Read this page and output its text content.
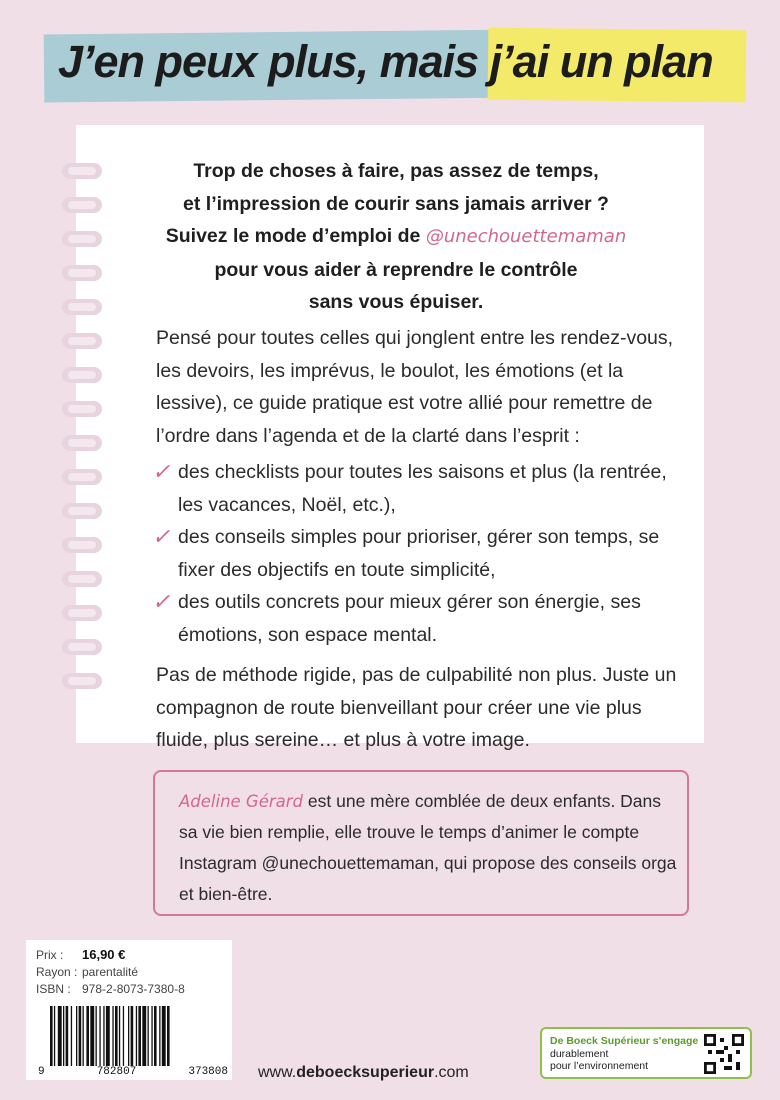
J’en peux plus, mais j’ai un plan
Trop de choses à faire, pas assez de temps,
et l’impression de courir sans jamais arriver ?
Suivez le mode d’emploi de @unechouettemaman
pour vous aider à reprendre le contrôle
sans vous épuiser.

Pensé pour toutes celles qui jonglent entre les rendez-vous, les devoirs, les imprévus, le boulot, les émotions (et la lessive), ce guide pratique est votre allié pour remettre de l’ordre dans l’agenda et de la clarté dans l’esprit :

✓ des checklists pour toutes les saisons et plus (la rentrée, les vacances, Noël, etc.),
✓ des conseils simples pour prioriser, gérer son temps, se fixer des objectifs en toute simplicité,
✓ des outils concrets pour mieux gérer son énergie, ses émotions, son espace mental.

Pas de méthode rigide, pas de culpabilité non plus. Juste un compagnon de route bienveillant pour créer une vie plus fluide, plus sereine… et plus à votre image.

Adeline Gérard est une mère comblée de deux enfants. Dans sa vie bien remplie, elle trouve le temps d’animer le compte Instagram @unechouettemaman, qui propose des conseils orga et bien-être.
Prix : 16,90 €
Rayon : parentalité
ISBN : 978-2-8073-7380-8
9	782807	373808 www.deboecksuperieur.com
De Boeck Supérieur s’engage
durablement
pour l’environnement
